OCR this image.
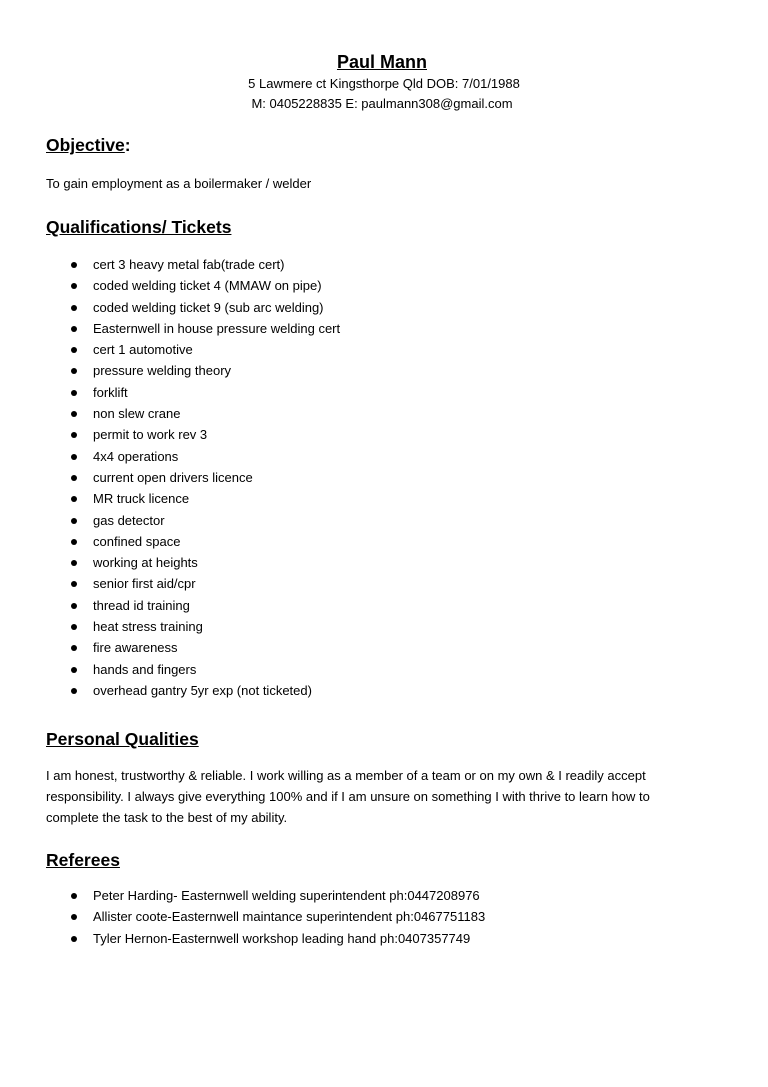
Paul Mann
5 Lawmere ct Kingsthorpe Qld DOB: 7/01/1988
M: 0405228835 E: paulmann308@gmail.com
Objective:

To gain employment as a boilermaker / welder

Qualifications/ Tickets
cert 3 heavy metal fab(trade cert)
coded welding ticket 4 (MMAW on pipe)
coded welding ticket 9 (sub arc welding)
Easternwell in house pressure welding cert
cert 1 automotive
pressure welding theory
forklift
non slew crane
permit to work rev 3
4x4 operations
current open drivers licence
MR truck licence
gas detector
confined space
working at heights
senior first aid/cpr
thread id training
heat stress training
fire awareness
hands and fingers
overhead gantry 5yr exp (not ticketed)
Personal Qualities

I am honest, trustworthy & reliable. I work willing as a member of a team or on my own & I readily accept

responsibility. I always give everything 100% and if I am unsure on something I with thrive to learn how to

complete the task to the best of my ability.

Referees
Peter Harding- Easternwell welding superintendent ph:0447208976
Allister coote-Easternwell maintance superintendent ph:0467751183
Tyler Hernon-Easternwell workshop leading hand ph:0407357749
